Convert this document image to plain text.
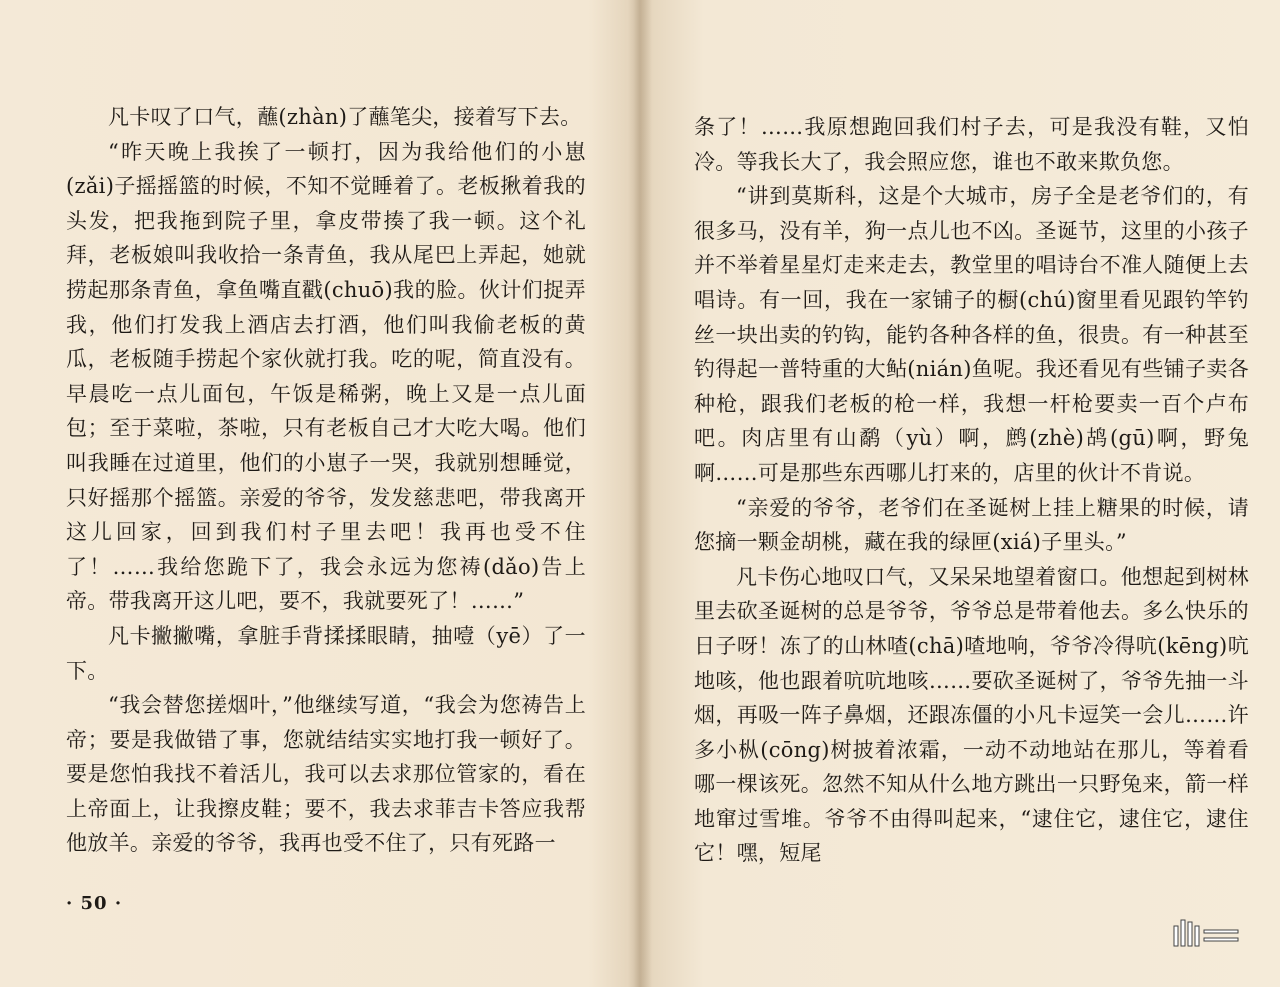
凡卡叹了口气，蘸(zhàn)了蘸笔尖，接着写下去。

“昨天晚上我挨了一顿打，因为我给他们的小崽(zǎi)子摇摇篮的时候，不知不觉睡着了。老板揪着我的头发，把我拖到院子里，拿皮带揍了我一顿。这个礼拜，老板娘叫我收拾一条青鱼，我从尾巴上弄起，她就捞起那条青鱼，拿鱼嘴直戳(chuō)我的脸。伙计们捉弄我，他们打发我上酒店去打酒，他们叫我偷老板的黄瓜，老板随手捞起个家伙就打我。吃的呢，简直没有。早晨吃一点儿面包，午饭是稀粥，晚上又是一点儿面包；至于菜啦，茶啦，只有老板自己才大吃大喝。他们叫我睡在过道里，他们的小崽子一哭，我就别想睡觉，只好摇那个摇篮。亲爱的爷爷，发发慈悲吧，带我离开这儿回家，回到我们村子里去吧！我再也受不住了！……我给您跪下了，我会永远为您祷(dǎo)告上帝。带我离开这儿吧，要不，我就要死了！……”

凡卡撇撇嘴，拿脏手背揉揉眼睛，抽噎（yē）了一下。

“我会替您搓烟叶，”他继续写道，“我会为您祷告上帝；要是我做错了事，您就结结实实地打我一顿好了。要是您怕我找不着活儿，我可以去求那位管家的，看在上帝面上，让我擦皮鞋；要不，我去求菲吉卡答应我帮他放羊。亲爱的爷爷，我再也受不住了，只有死路一

· 50 ·

条了！……我原想跑回我们村子去，可是我没有鞋，又怕冷。等我长大了，我会照应您，谁也不敢来欺负您。

“讲到莫斯科，这是个大城市，房子全是老爷们的，有很多马，没有羊，狗一点儿也不凶。圣诞节，这里的小孩子并不举着星星灯走来走去，教堂里的唱诗台不准人随便上去唱诗。有一回，我在一家铺子的橱(chú)窗里看见跟钓竿钓丝一块出卖的钓钩，能钓各种各样的鱼，很贵。有一种甚至钓得起一普特重的大鲇(nián)鱼呢。我还看见有些铺子卖各种枪，跟我们老板的枪一样，我想一杆枪要卖一百个卢布吧。肉店里有山鹬（yù）啊，鹧(zhè)鸪(gū)啊，野兔啊……可是那些东西哪儿打来的，店里的伙计不肯说。

“亲爱的爷爷，老爷们在圣诞树上挂上糖果的时候，请您摘一颗金胡桃，藏在我的绿匣(xiá)子里头。”

凡卡伤心地叹口气，又呆呆地望着窗口。他想起到树林里去砍圣诞树的总是爷爷，爷爷总是带着他去。多么快乐的日子呀！冻了的山林喳(chā)喳地响，爷爷冷得吭(kēng)吭地咳，他也跟着吭吭地咳……要砍圣诞树了，爷爷先抽一斗烟，再吸一阵子鼻烟，还跟冻僵的小凡卡逗笑一会儿……许多小枞(cōng)树披着浓霜，一动不动地站在那儿，等着看哪一棵该死。忽然不知从什么地方跳出一只野兔来，箭一样地窜过雪堆。爷爷不由得叫起来，“逮住它，逮住它，逮住它！嘿，短尾
